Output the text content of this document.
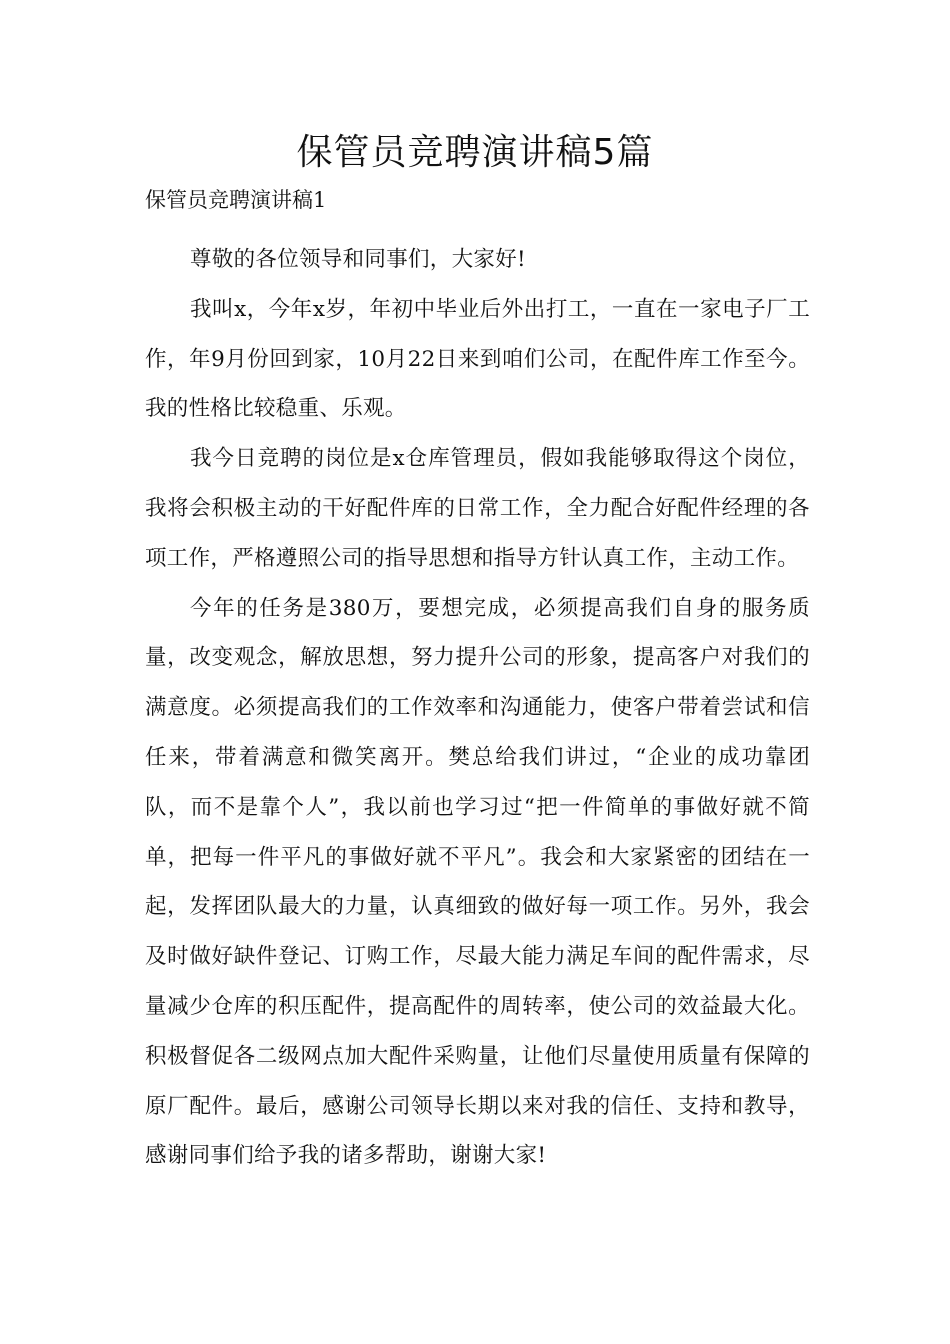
保管员竞聘演讲稿5篇

保管员竞聘演讲稿1

尊敬的各位领导和同事们，大家好!

我叫x，今年x岁，年初中毕业后外出打工，一直在一家电子厂工作，年9月份回到家，10月22日来到咱们公司，在配件库工作至今。我的性格比较稳重、乐观。

我今日竞聘的岗位是x仓库管理员，假如我能够取得这个岗位，我将会积极主动的干好配件库的日常工作，全力配合好配件经理的各项工作，严格遵照公司的指导思想和指导方针认真工作，主动工作。

今年的任务是380万，要想完成，必须提高我们自身的服务质量，改变观念，解放思想，努力提升公司的形象，提高客户对我们的满意度。必须提高我们的工作效率和沟通能力，使客户带着尝试和信任来，带着满意和微笑离开。樊总给我们讲过，“企业的成功靠团队，而不是靠个人”，我以前也学习过“把一件简单的事做好就不简单，把每一件平凡的事做好就不平凡”。我会和大家紧密的团结在一起，发挥团队最大的力量，认真细致的做好每一项工作。另外，我会及时做好缺件登记、订购工作，尽最大能力满足车间的配件需求，尽量减少仓库的积压配件，提高配件的周转率，使公司的效益最大化。积极督促各二级网点加大配件采购量，让他们尽量使用质量有保障的原厂配件。最后，感谢公司领导长期以来对我的信任、支持和教导，感谢同事们给予我的诸多帮助，谢谢大家!
